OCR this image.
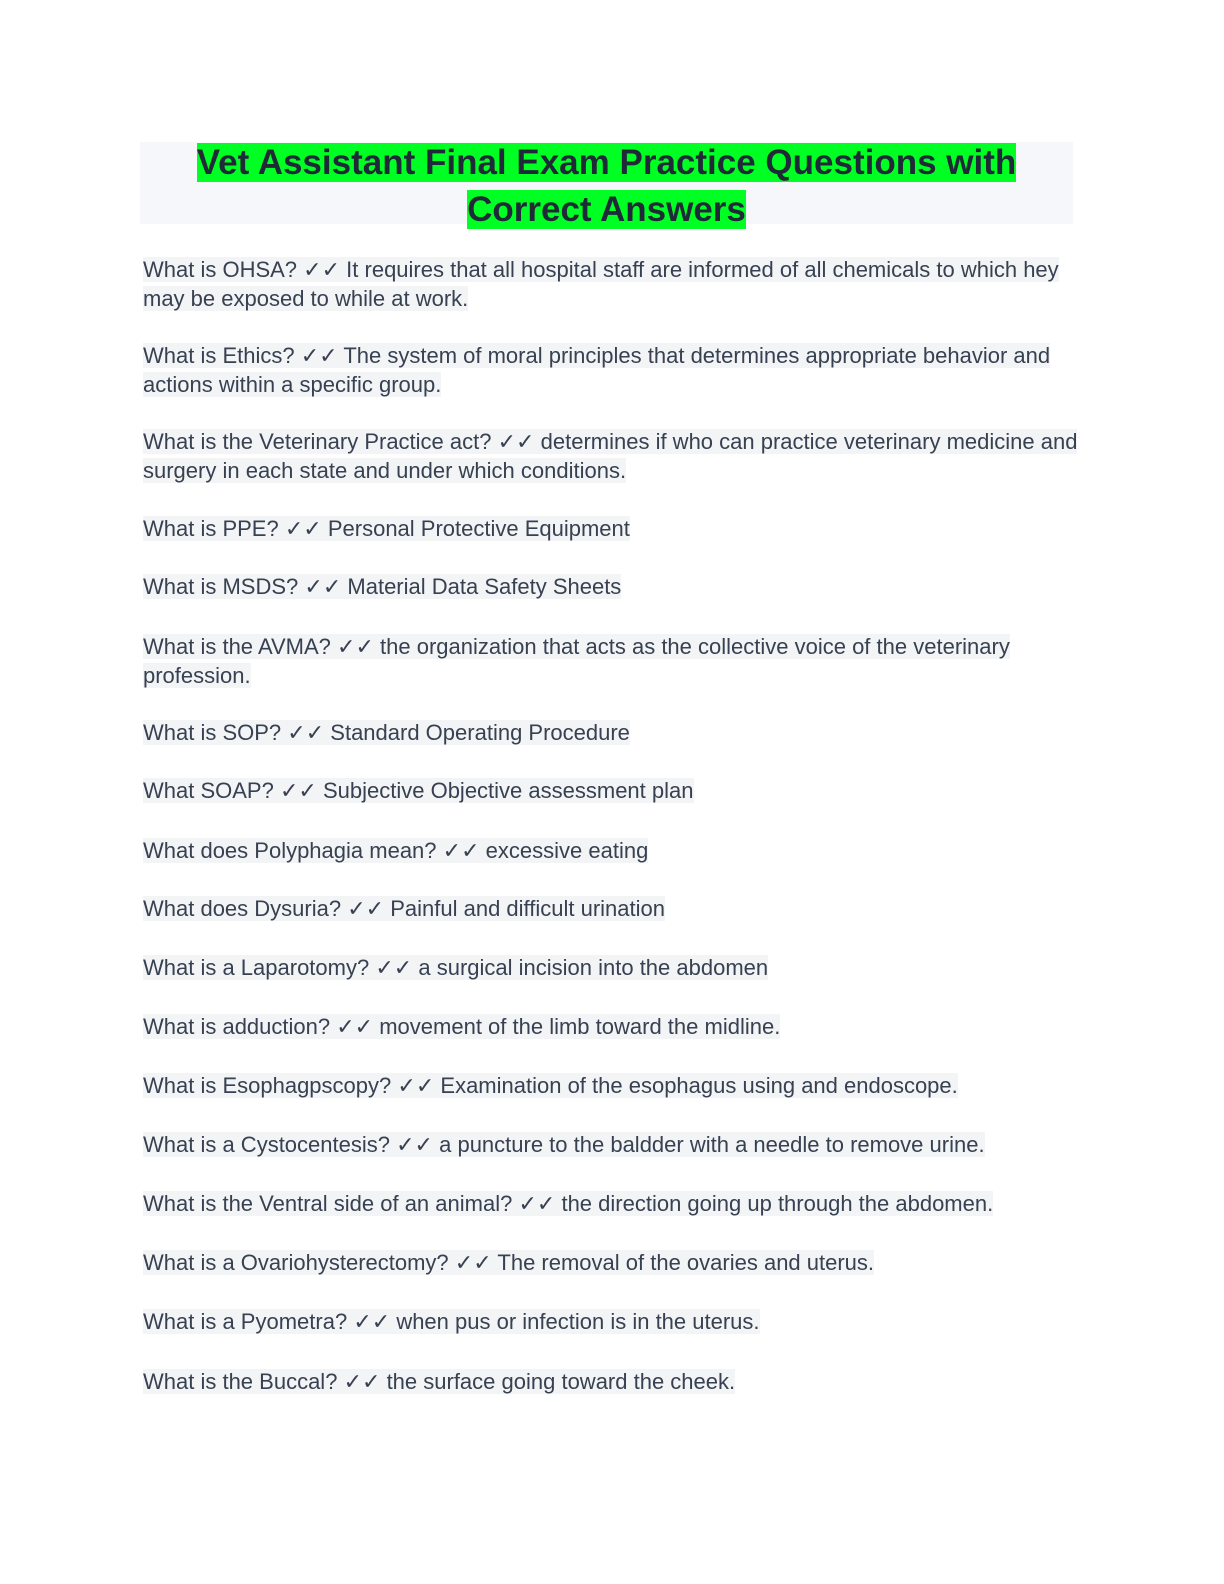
Vet Assistant Final Exam Practice Questions with Correct Answers
What is OHSA? ✓✓ It requires that all hospital staff are informed of all chemicals to which hey may be exposed to while at work.
What is Ethics? ✓✓ The system of moral principles that determines appropriate behavior and actions within a specific group.
What is the Veterinary Practice act? ✓✓ determines if who can practice veterinary medicine and surgery in each state and under which conditions.
What is PPE? ✓✓ Personal Protective Equipment
What is MSDS? ✓✓ Material Data Safety Sheets
What is the AVMA? ✓✓ the organization that acts as the collective voice of the veterinary profession.
What is SOP? ✓✓ Standard Operating Procedure
What SOAP? ✓✓ Subjective Objective assessment plan
What does Polyphagia mean? ✓✓ excessive eating
What does Dysuria? ✓✓ Painful and difficult urination
What is a Laparotomy? ✓✓ a surgical incision into the abdomen
What is adduction? ✓✓ movement of the limb toward the midline.
What is Esophagpscopy? ✓✓ Examination of the esophagus using and endoscope.
What is a Cystocentesis? ✓✓ a puncture to the baldder with a needle to remove urine.
What is the Ventral side of an animal? ✓✓ the direction going up through the abdomen.
What is a Ovariohysterectomy? ✓✓ The removal of the ovaries and uterus.
What is a Pyometra? ✓✓ when pus or infection is in the uterus.
What is the Buccal? ✓✓ the surface going toward the cheek.
